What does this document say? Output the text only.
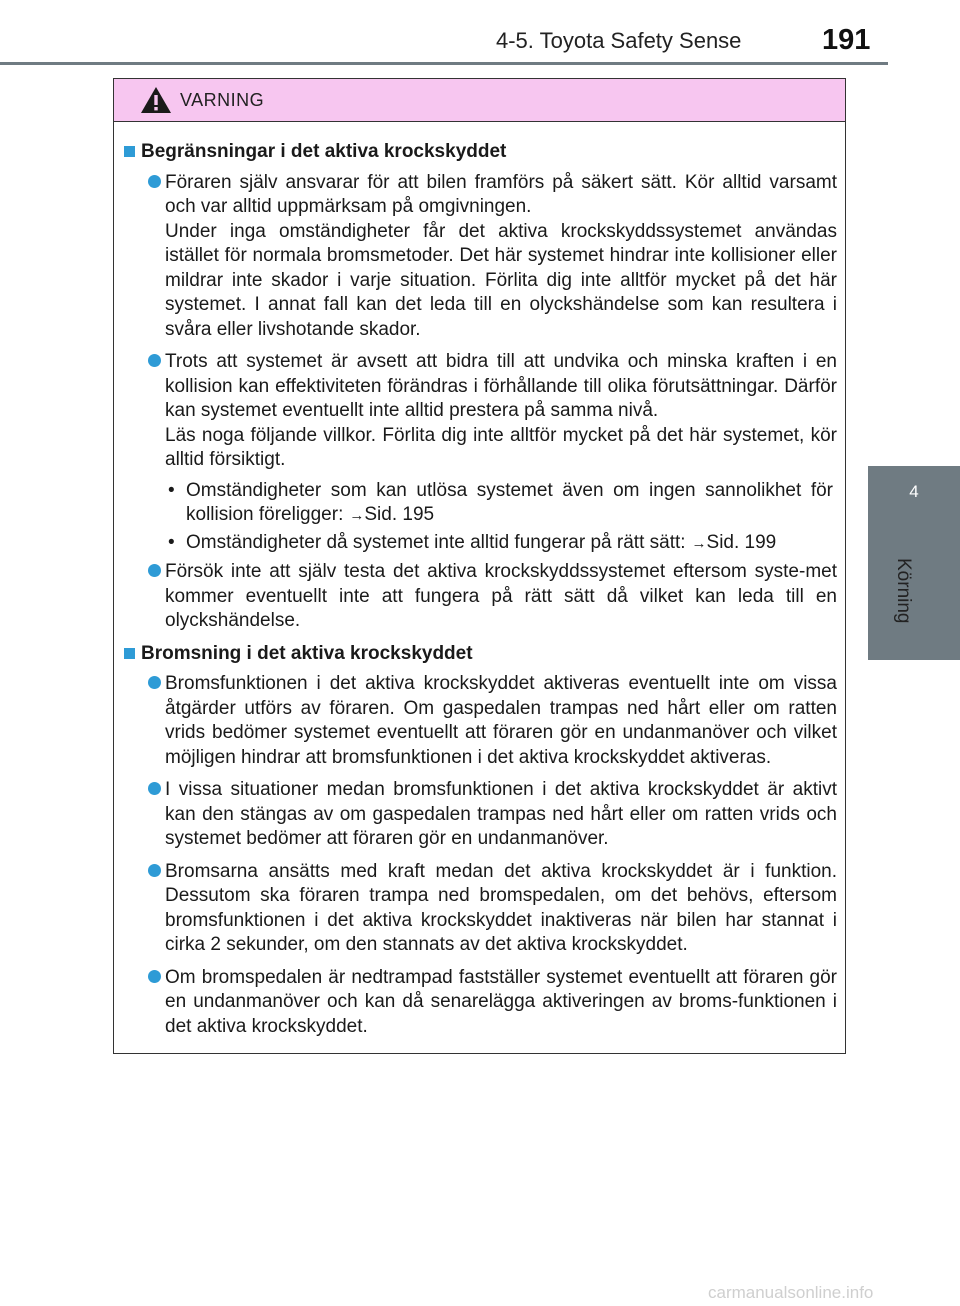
4-5. Toyota Safety Sense	191
4
Körning
VARNING
Begränsningar i det aktiva krockskyddet
Föraren själv ansvarar för att bilen framförs på säkert sätt. Kör alltid varsamt och var alltid uppmärksam på omgivningen.
Under inga omständigheter får det aktiva krockskyddssystemet användas istället för normala bromsmetoder. Det här systemet hindrar inte kollisioner eller mildrar inte skador i varje situation. Förlita dig inte alltför mycket på det här systemet. I annat fall kan det leda till en olyckshändelse som kan resultera i svåra eller livshotande skador.
Trots att systemet är avsett att bidra till att undvika och minska kraften i en kollision kan effektiviteten förändras i förhållande till olika förutsättningar. Därför kan systemet eventuellt inte alltid prestera på samma nivå.
Läs noga följande villkor. Förlita dig inte alltför mycket på det här systemet, kör alltid försiktigt.
• Omständigheter som kan utlösa systemet även om ingen sannolikhet för kollision föreligger: →Sid. 195
• Omständigheter då systemet inte alltid fungerar på rätt sätt: →Sid. 199
Försök inte att själv testa det aktiva krockskyddssystemet eftersom syste-met kommer eventuellt inte att fungera på rätt sätt då vilket kan leda till en olyckshändelse.
Bromsning i det aktiva krockskyddet
Bromsfunktionen i det aktiva krockskyddet aktiveras eventuellt inte om vissa åtgärder utförs av föraren. Om gaspedalen trampas ned hårt eller om ratten vrids bedömer systemet eventuellt att föraren gör en undanmanöver och vilket möjligen hindrar att bromsfunktionen i det aktiva krockskyddet aktiveras.
I vissa situationer medan bromsfunktionen i det aktiva krockskyddet är aktivt kan den stängas av om gaspedalen trampas ned hårt eller om ratten vrids och systemet bedömer att föraren gör en undanmanöver.
Bromsarna ansätts med kraft medan det aktiva krockskyddet är i funktion. Dessutom ska föraren trampa ned bromspedalen, om det behövs, eftersom bromsfunktionen i det aktiva krockskyddet inaktiveras när bilen har stannat i cirka 2 sekunder, om den stannats av det aktiva krockskyddet.
Om bromspedalen är nedtrampad fastställer systemet eventuellt att föraren gör en undanmanöver och kan då senarelägga aktiveringen av broms-funktionen i det aktiva krockskyddet.
carmanualsonline.info
